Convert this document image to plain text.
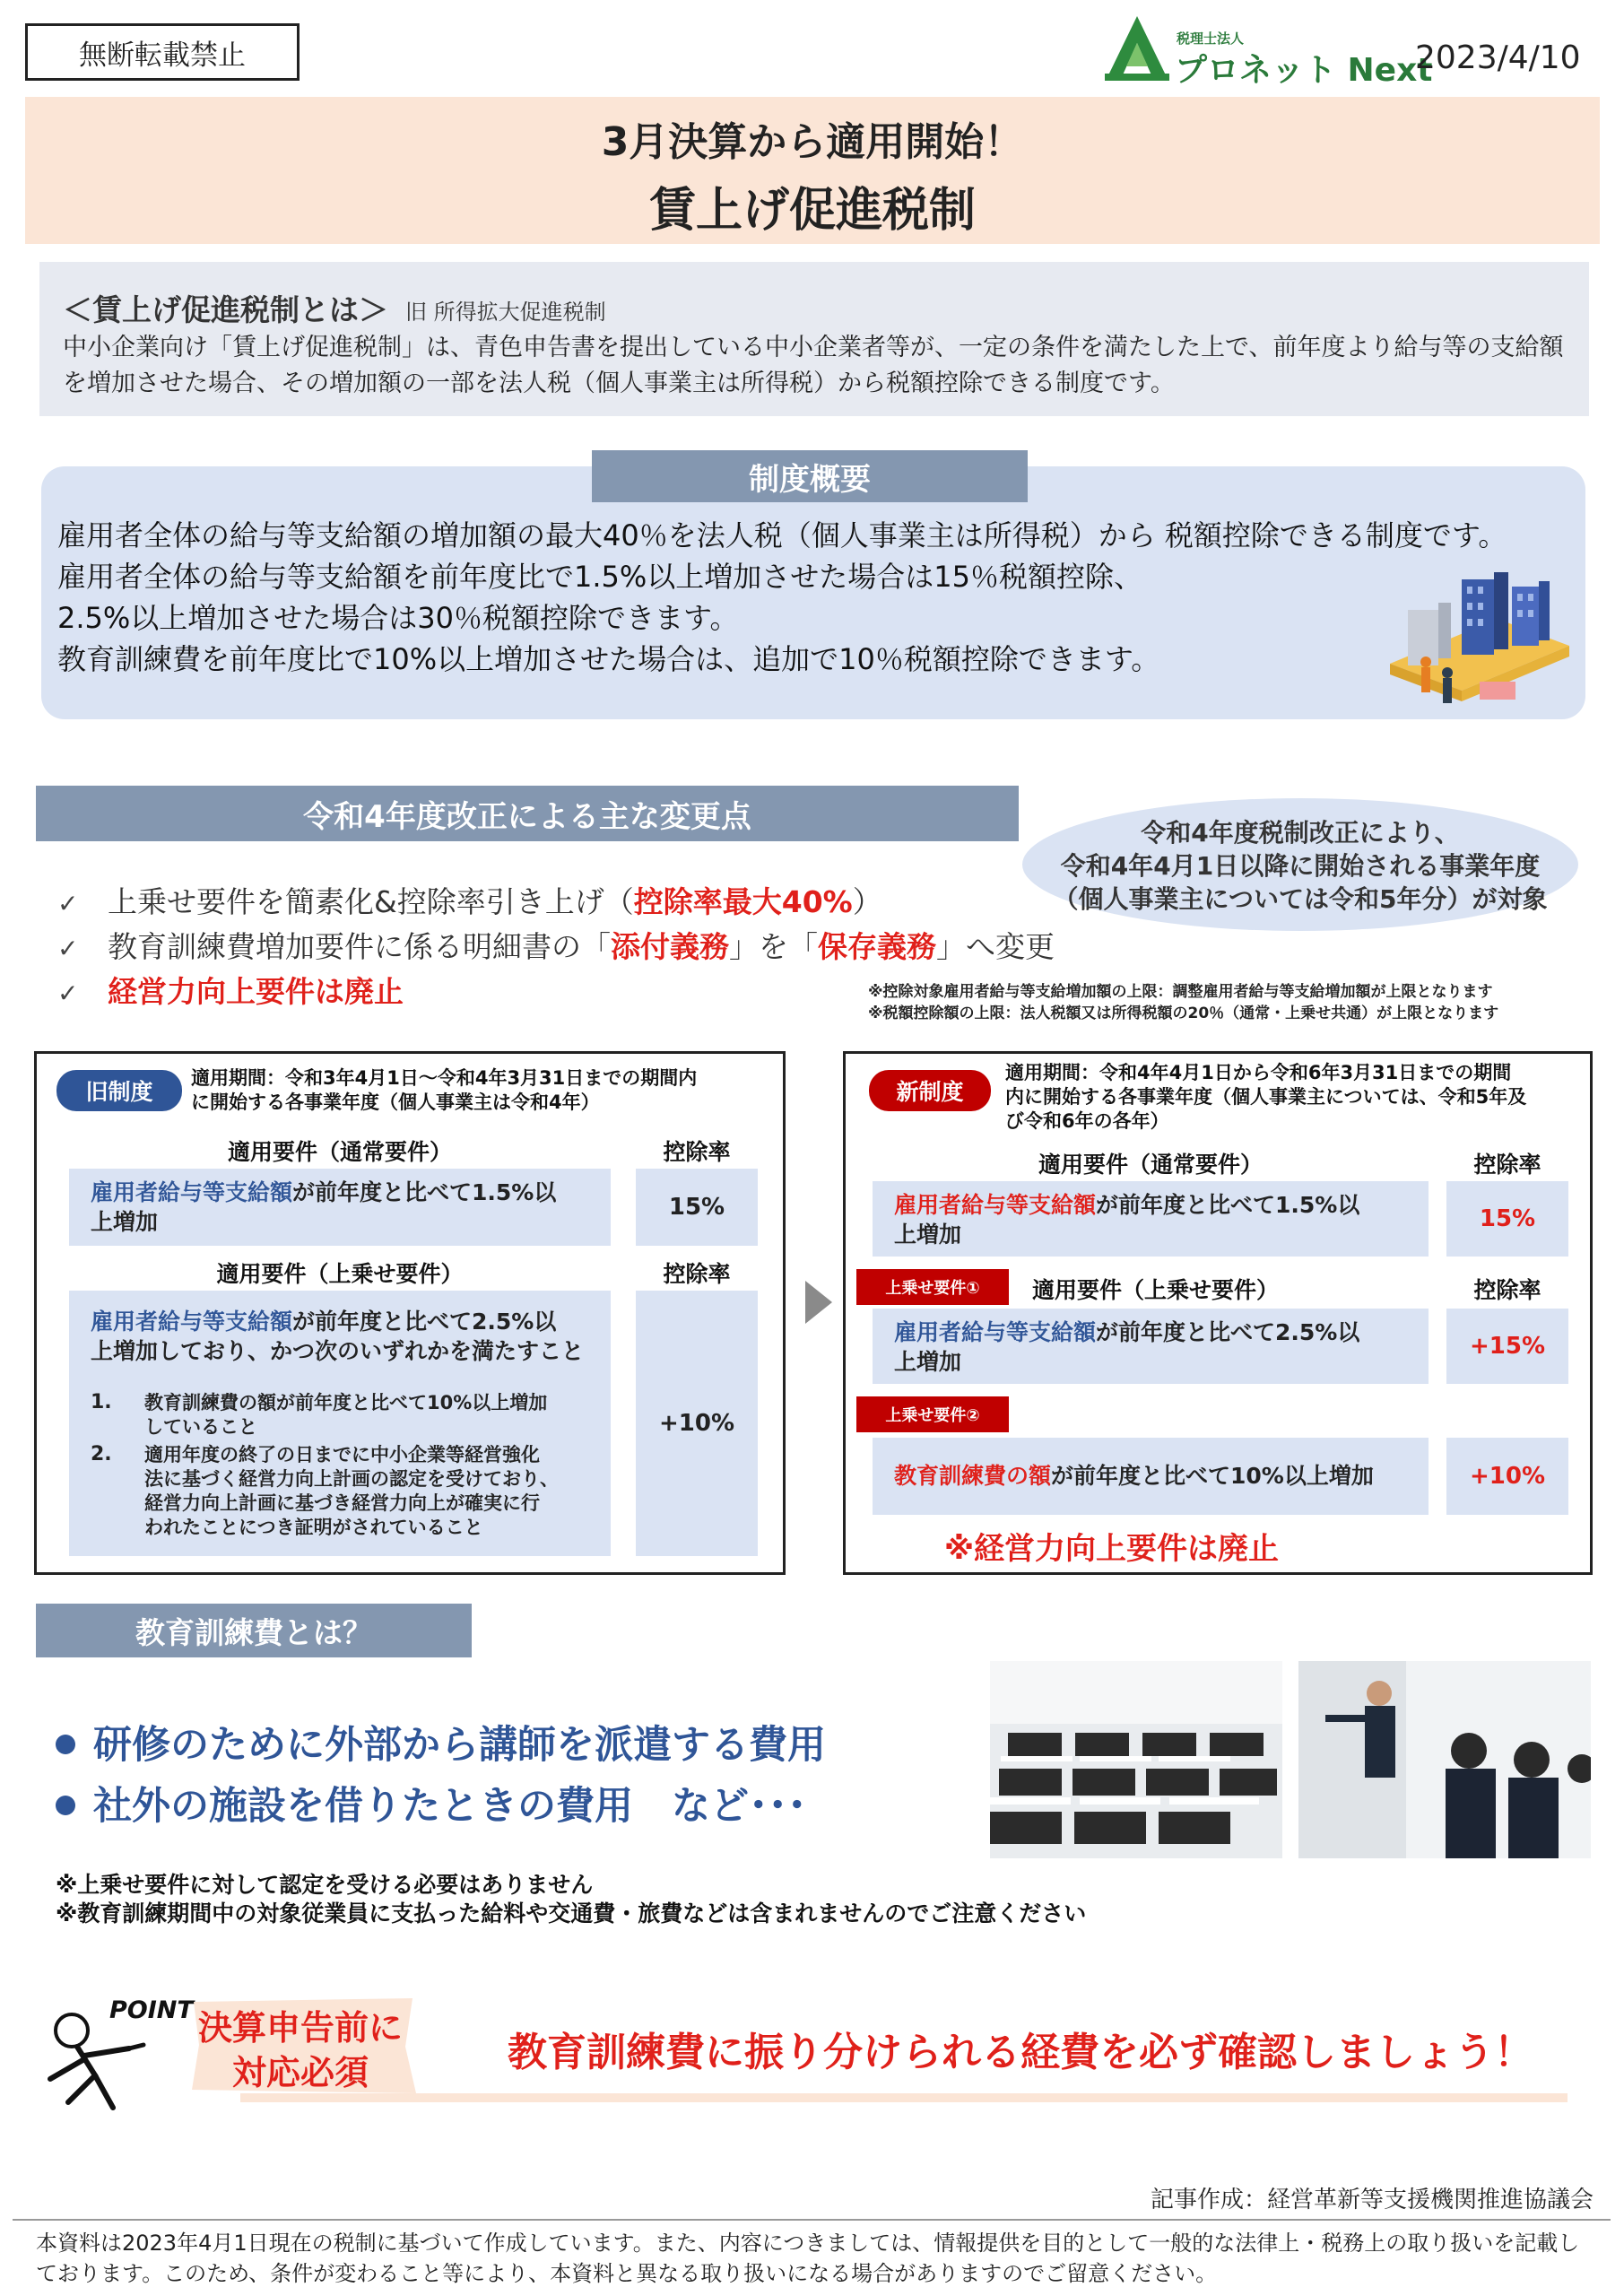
無断転載禁止
税理士法人
プロネット Next
2023/4/10
3月決算から適用開始！
賃上げ促進税制
＜賃上げ促進税制とは＞ 旧 所得拡大促進税制
中小企業向け「賃上げ促進税制」は、青色申告書を提出している中小企業者等が、一定の条件を満たした上で、前年度より給与等の支給額を増加させた場合、その増加額の一部を法人税（個人事業主は所得税）から税額控除できる制度です。
制度概要
雇用者全体の給与等支給額の増加額の最大40％を法人税（個人事業主は所得税）から 税額控除できる制度です。
雇用者全体の給与等支給額を前年度比で1.5%以上増加させた場合は15％税額控除、
2.5%以上増加させた場合は30％税額控除できます。
教育訓練費を前年度比で10%以上増加させた場合は、追加で10％税額控除できます。
令和4年度改正による主な変更点	令和4年度税制改正により、
令和4年4月1日以降に開始される事業年度
（個人事業主については令和5年分）が対象
✓ 上乗せ要件を簡素化&控除率引き上げ（控除率最大40%）
✓ 教育訓練費増加要件に係る明細書の「添付義務」を「保存義務」へ変更
✓ 経営力向上要件は廃止	※控除対象雇用者給与等支給増加額の上限：調整雇用者給与等支給増加額が上限となります
※税額控除額の上限：法人税額又は所得税額の20％（通常・上乗せ共通）が上限となります
旧制度
適用期間：令和3年4月1日～令和4年3月31日までの期間内
に開始する各事業年度（個人事業主は令和4年）
適用要件（通常要件）	控除率
雇用者給与等支給額が前年度と比べて1.5%以
上増加
15%
適用要件（上乗せ要件）	控除率
雇用者給与等支給額が前年度と比べて2.5%以
上増加しており、かつ次のいずれかを満たすこと
1. 教育訓練費の額が前年度と比べて10%以上増加
していること
2. 適用年度の終了の日までに中小企業等経営強化
法に基づく経営力向上計画の認定を受けており、
経営力向上計画に基づき経営力向上が確実に行
われたことにつき証明がされていること
+10%
新制度
適用期間：令和4年4月1日から令和6年3月31日までの期間
内に開始する各事業年度（個人事業主については、令和5年及
び令和6年の各年）
適用要件（通常要件）	控除率
雇用者給与等支給額が前年度と比べて1.5%以
上増加
15%
上乗せ要件①	適用要件（上乗せ要件）	控除率
雇用者給与等支給額が前年度と比べて2.5%以
上増加
+15%
上乗せ要件②
教育訓練費の額が前年度と比べて10%以上増加	+10%
※経営力向上要件は廃止
教育訓練費とは？
研修のために外部から講師を派遣する費用
社外の施設を借りたときの費用　など･･･
※上乗せ要件に対して認定を受ける必要はありません
※教育訓練期間中の対象従業員に支払った給料や交通費・旅費などは含まれませんのでご注意ください
POINT 決算申告前に
対応必須	教育訓練費に振り分けられる経費を必ず確認しましょう！
記事作成：経営革新等支援機関推進協議会
本資料は2023年4月1日現在の税制に基づいて作成しています。また、内容につきましては、情報提供を目的として一般的な法律上・税務上の取り扱いを記載しております。このため、条件が変わること等により、本資料と異なる取り扱いになる場合がありますのでご留意ください。
